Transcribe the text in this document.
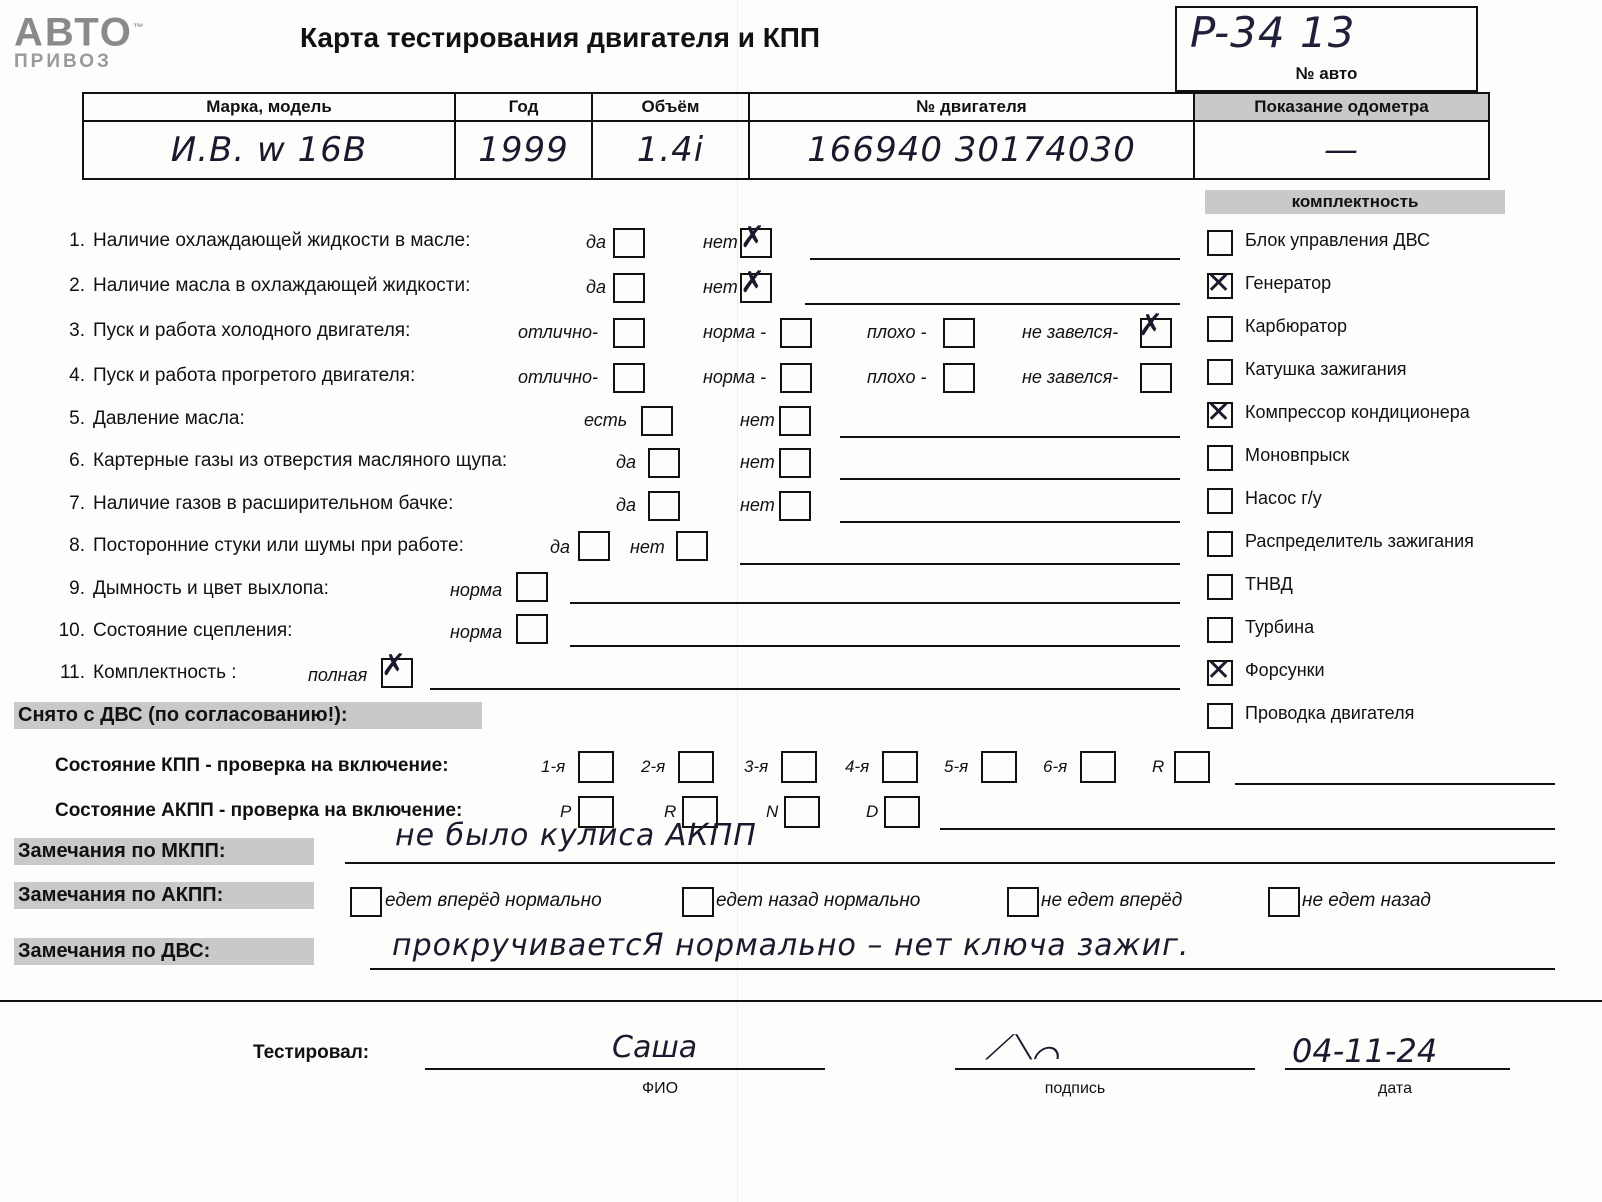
АВТО™
ПРИВОЗ
Карта тестирования двигателя и КПП	P-34 13
№ авто
Марка, модель	Год	Объём	№ двигателя	Показание одометра
И.В. w 16B	1999	1.4i	166940 30174030	—
комплектность
Блок управления ДВС
✕ Генератор
Карбюратор
Катушка зажигания
✕ Компрессор кондиционера
Моновпрыск
Насос г/у
Распределитель зажигания
ТНВД
Турбина
✕ Форсунки
Проводка двигателя
1. Наличие охлаждающей жидкости в масле:	да	нет ✗
2. Наличие масла в охлаждающей жидкости:	да	нет ✗
3. Пуск и работа холодного двигателя:	отлично-	норма -	плохо -	не завелся- ✗
4. Пуск и работа прогретого двигателя:	отлично-	норма -	плохо -	не завелся-
5. Давление масла:	есть	нет
6. Картерные газы из отверстия масляного щупа:	да	нет
7. Наличие газов в расширительном бачке:	да	нет
8. Посторонние стуки или шумы при работе:	да	нет
9. Дымность и цвет выхлопа:	норма
10. Состояние сцепления:	норма
11. Комплектность :	полная ✗
Снято с ДВС (по согласованию!):
Состояние КПП - проверка на включение:	1-я	2-я	3-я	4-я	5-я	6-я	R
Состояние АКПП - проверка на включение:	P	R	N	D
Замечания по МКПП:	не было кулиса АКПП
Замечания по АКПП:	едет вперёд нормально	едет назад нормально	не едет вперёд	не едет назад
Замечания по ДВС:	прокручиваетсЯ нормально – нет ключа зажиг.
Тестировал:	Саша
ФИО
⟋⟍⌒
подпись
04-11-24
дата
